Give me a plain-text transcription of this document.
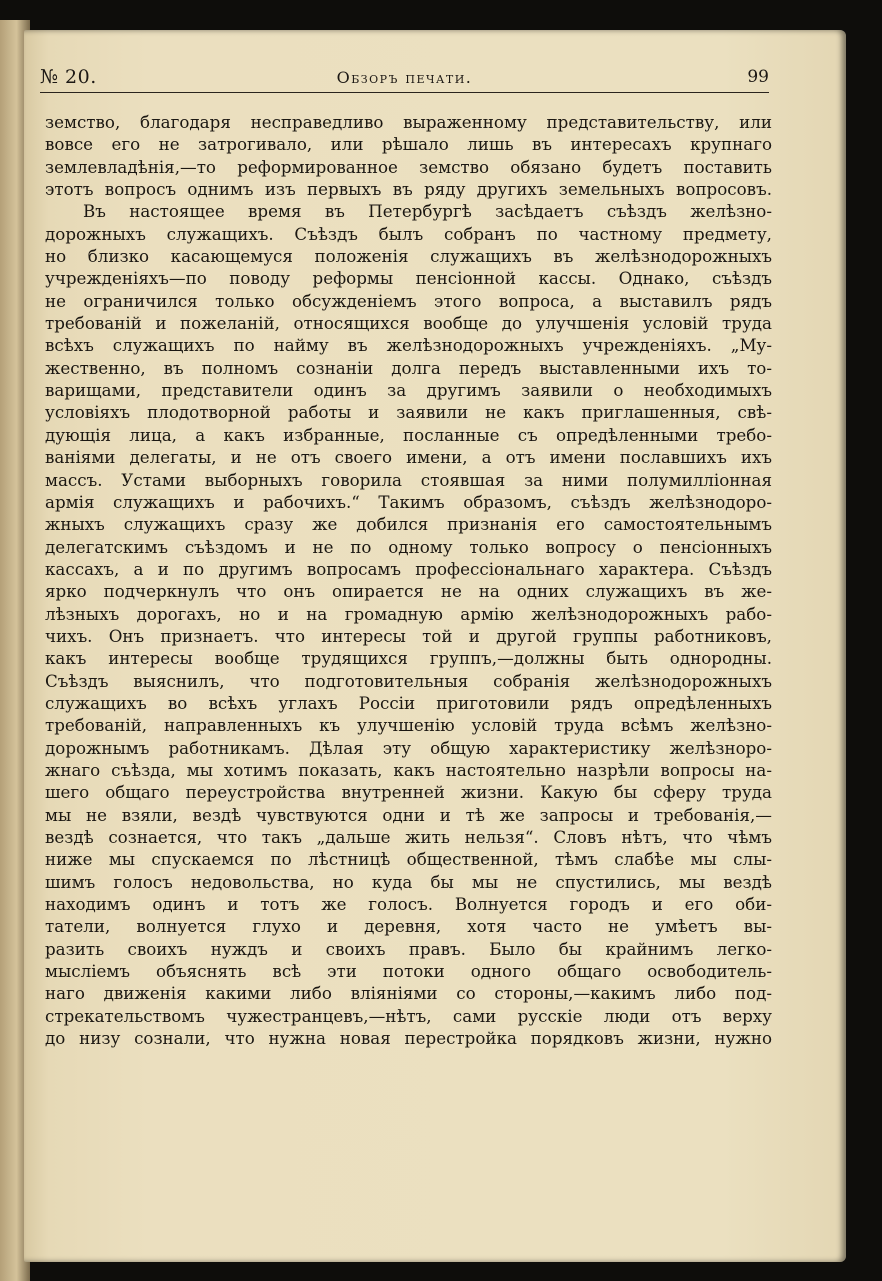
№ 20.	Обзоръ печати.	99
земство, благодаря несправедливо выраженному представительству, или
вовсе его не затрогивало, или рѣшало лишь въ интересахъ крупнаго
землевладѣнія,—то реформированное земство обязано будетъ поставить
этотъ вопросъ однимъ изъ первыхъ въ ряду другихъ земельныхъ вопросовъ.
Въ настоящее время въ Петербургѣ засѣдаетъ съѣздъ желѣзно-
дорожныхъ служащихъ. Съѣздъ былъ собранъ по частному предмету,
но близко касающемуся положенія служащихъ въ желѣзнодорожныхъ
учрежденіяхъ—по поводу реформы пенсіонной кассы. Однако, съѣздъ
не ограничился только обсужденіемъ этого вопроса, а выставилъ рядъ
требованій и пожеланій, относящихся вообще до улучшенія условій труда
всѣхъ служащихъ по найму въ желѣзнодорожныхъ учрежденіяхъ. „Му-
жественно, въ полномъ сознаніи долга передъ выставленными ихъ то-
варищами, представители одинъ за другимъ заявили о необходимыхъ
условіяхъ плодотворной работы и заявили не какъ приглашенныя, свѣ-
дующія лица, а какъ избранные, посланные съ опредѣленными требо-
ваніями делегаты, и не отъ своего имени, а отъ имени пославшихъ ихъ
массъ. Устами выборныхъ говорила стоявшая за ними полумилліонная
армія служащихъ и рабочихъ.“ Такимъ образомъ, съѣздъ желѣзнодоро-
жныхъ служащихъ сразу же добился признанія его самостоятельнымъ
делегатскимъ съѣздомъ и не по одному только вопросу о пенсіонныхъ
кассахъ, а и по другимъ вопросамъ профессіональнаго характера. Съѣздъ
ярко подчеркнулъ что онъ опирается не на одних служащихъ въ же-
лѣзныхъ дорогахъ, но и на громадную армію желѣзнодорожныхъ рабо-
чихъ. Онъ признаетъ. что интересы той и другой группы работниковъ,
какъ интересы вообще трудящихся группъ,—должны быть однородны.
Съѣздъ выяснилъ, что подготовительныя собранія желѣзнодорожныхъ
служащихъ во всѣхъ углахъ Россіи приготовили рядъ опредѣленныхъ
требованій, направленныхъ къ улучшенію условій труда всѣмъ желѣзно-
дорожнымъ работникамъ. Дѣлая эту общую характеристику желѣзноро-
жнаго съѣзда, мы хотимъ показать, какъ настоятельно назрѣли вопросы на-
шего общаго переустройства внутренней жизни. Какую бы сферу труда
мы не взяли, вездѣ чувствуются одни и тѣ же запросы и требованія,—
вездѣ сознается, что такъ „дальше жить нельзя“. Словъ нѣтъ, что чѣмъ
ниже мы спускаемся по лѣстницѣ общественной, тѣмъ слабѣе мы слы-
шимъ голосъ недовольства, но куда бы мы не спустились, мы вездѣ
находимъ одинъ и тотъ же голосъ. Волнуется городъ и его оби-
татели, волнуется глухо и деревня, хотя часто не умѣетъ вы-
разить своихъ нуждъ и своихъ правъ. Было бы крайнимъ легко-
мысліемъ объяснять всѣ эти потоки одного общаго освободитель-
наго движенія какими либо вліяніями со стороны,—какимъ либо под-
стрекательствомъ чужестранцевъ,—нѣтъ, сами русскіе люди отъ верху
до низу сознали, что нужна новая перестройка порядковъ жизни, нужно
